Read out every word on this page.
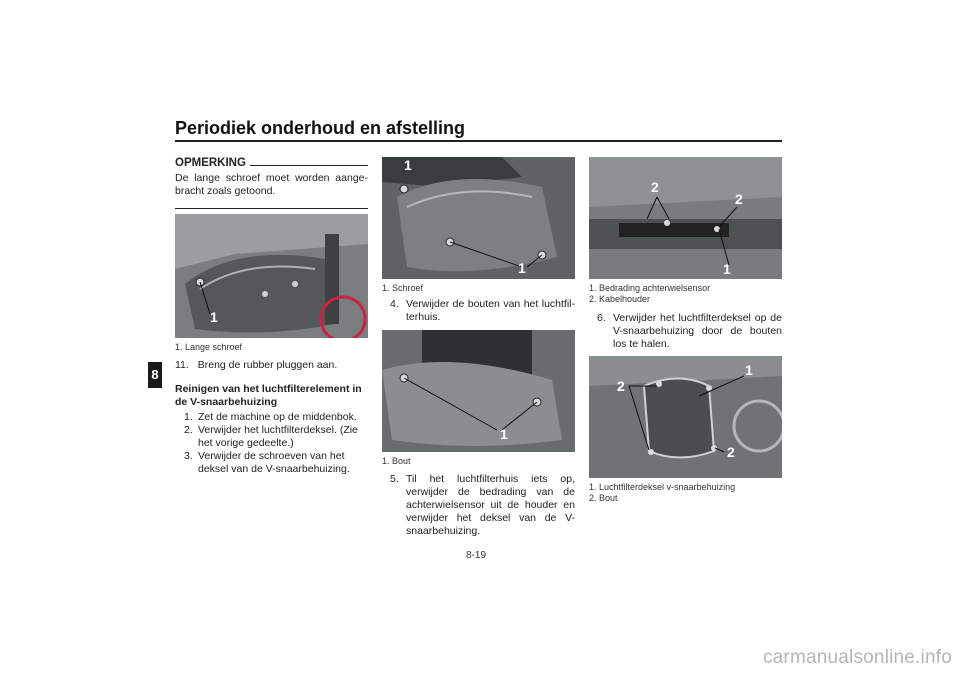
Periodiek onderhoud en afstelling
8
OPMERKING
De lange schroef moet worden aange-bracht zoals getoond.
1
1. Lange schroef
11. Breng de rubber pluggen aan.
Reinigen van het luchtfilterelement in de V-snaarbehuizing
1. Zet de machine op de middenbok.
2. Verwijder het luchtfilterdeksel. (Zie het vorige gedeelte.)
3. Verwijder de schroeven van het deksel van de V-snaarbehuizing.
1
1
1. Schroef
4. Verwijder de bouten van het luchtfil-terhuis.
1
1. Bout
5. Til het luchtfilterhuis iets op, verwijder de bedrading van de achterwielsensor uit de houder en verwijder het deksel van de V-snaarbehuizing.
2
2
1
1. Bedrading achterwielsensor
2. Kabelhouder
6. Verwijder het luchtfilterdeksel op de V-snaarbehuizing door de bouten los te halen.
1
2
2
1. Luchtfilterdeksel v-snaarbehuizing
2. Bout
8-19
carmanualsonline.info
